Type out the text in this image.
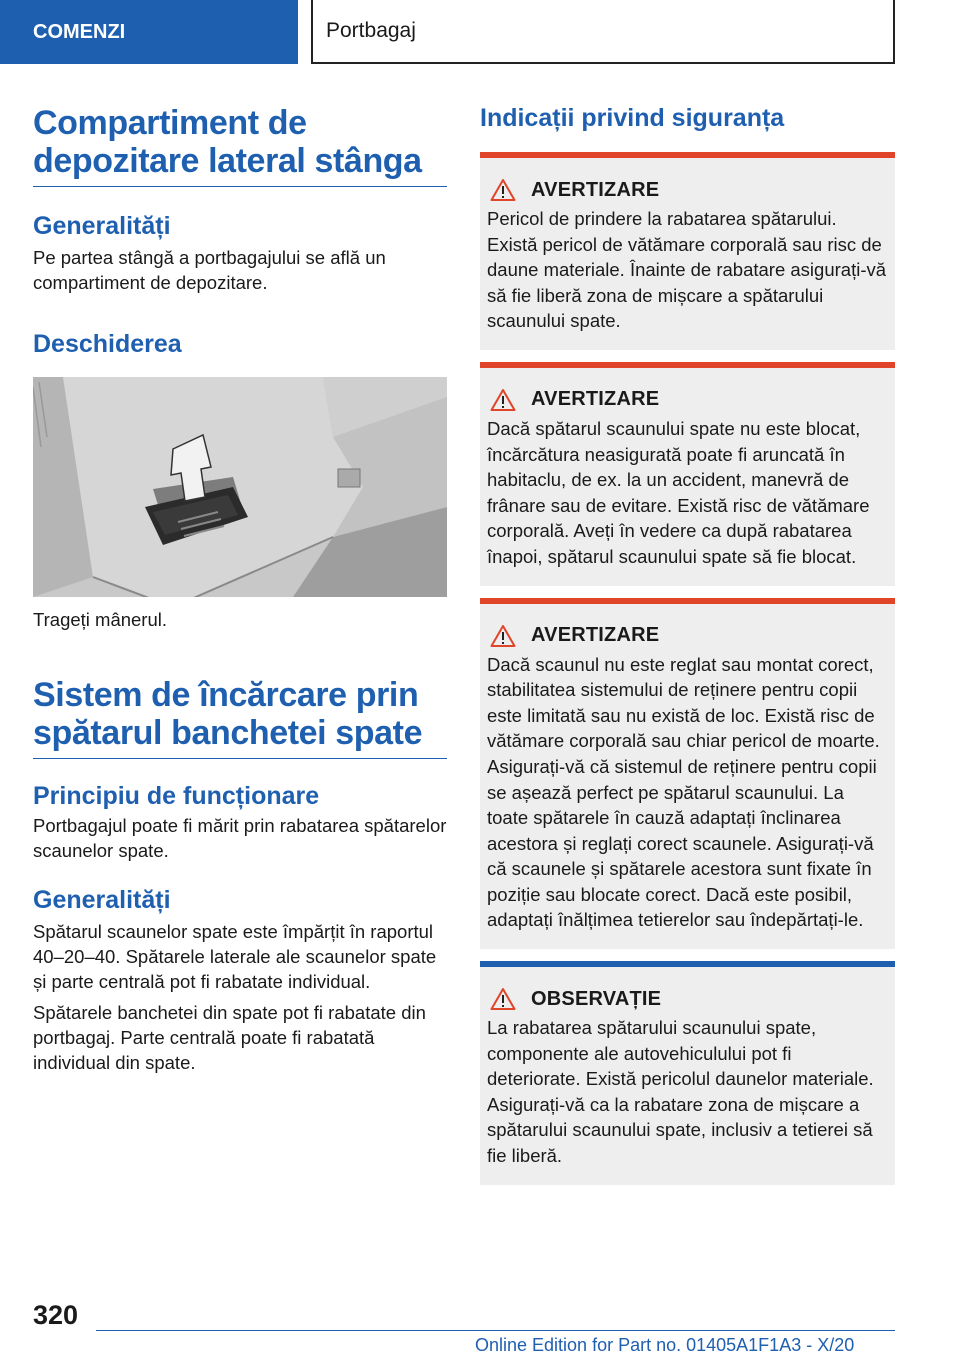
COMENZI	Portbagaj
Compartiment de depozitare lateral stânga
Generalități

Pe partea stângă a portbagajului se află un compartiment de depozitare.

Deschiderea

Trageți mânerul.

Sistem de încărcare prin spătarul banchetei spate
Principiu de funcționare

Portbagajul poate fi mărit prin rabatarea spătarelor scaunelor spate.

Generalități

Spătarul scaunelor spate este împărțit în raportul 40–20–40. Spătarele laterale ale scaunelor spate și parte centrală pot fi rabatate individual.

Spătarele banchetei din spate pot fi rabatate din portbagaj. Parte centrală poate fi rabatată individual din spate.

Indicații privind siguranța
AVERTIZARE

Pericol de prindere la rabatarea spătarului. Există pericol de vătămare corporală sau risc de daune materiale. Înainte de rabatare asigurați-vă să fie liberă zona de mișcare a spătarului scaunului spate.

AVERTIZARE

Dacă spătarul scaunului spate nu este blocat, încărcătura neasigurată poate fi aruncată în habitaclu, de ex. la un accident, manevră de frânare sau de evitare. Există risc de vătămare corporală. Aveți în vedere ca după rabatarea înapoi, spătarul scaunului spate să fie blocat.

AVERTIZARE

Dacă scaunul nu este reglat sau montat corect, stabilitatea sistemului de reținere pentru copii este limitată sau nu există de loc. Există risc de vătămare corporală sau chiar pericol de moarte. Asigurați-vă că sistemul de reținere pentru copii se așează perfect pe spătarul scaunului. La toate spătarele în cauză adaptați înclinarea acestora și reglați corect scaunele. Asigurați-vă că scaunele și spătarele acestora sunt fixate în poziție sau blocate corect. Dacă este posibil, adaptați înălțimea tetierelor sau îndepărtați-le.

OBSERVAȚIE

La rabatarea spătarului scaunului spate, componente ale autovehiculului pot fi deteriorate. Există pericolul daunelor materiale. Asigurați-vă ca la rabatare zona de mișcare a spătarului scaunului spate, inclusiv a tetierei să fie liberă.

320
Online Edition for Part no. 01405A1F1A3 - X/20
